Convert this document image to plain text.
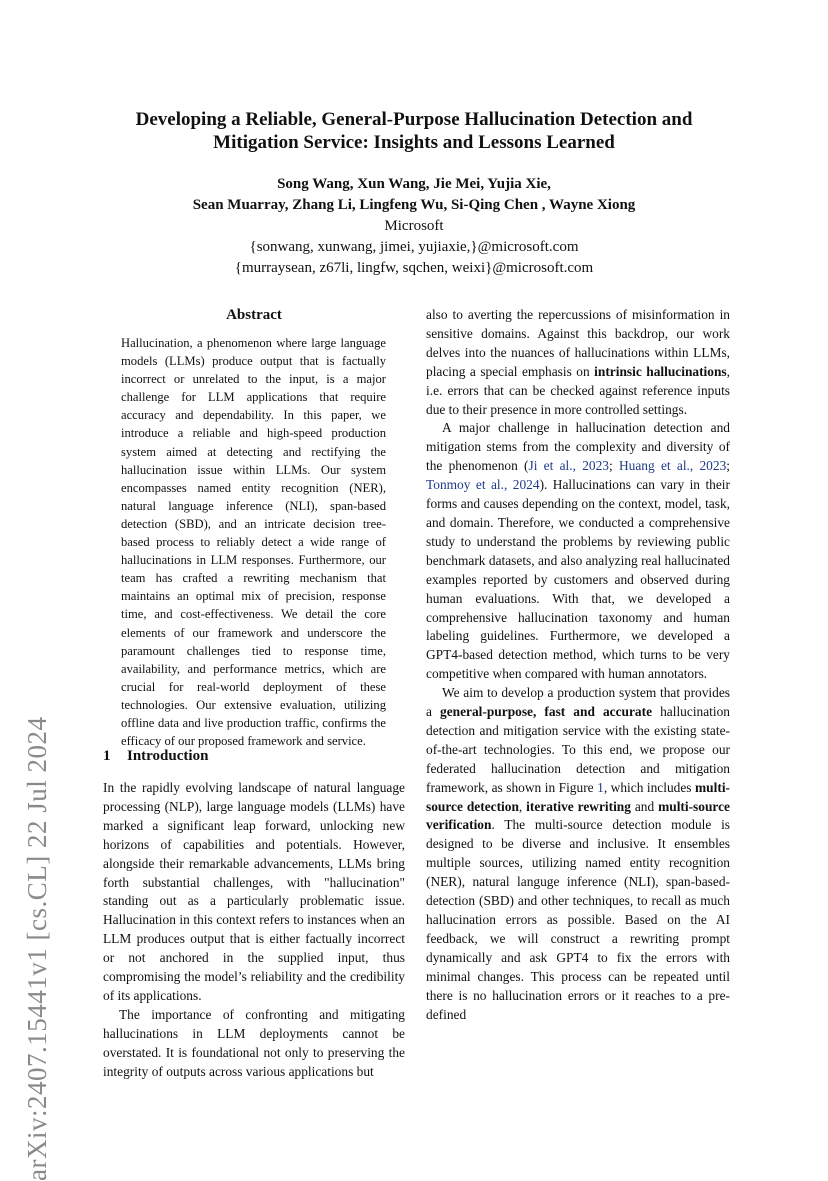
arXiv:2407.15441v1 [cs.CL] 22 Jul 2024
Developing a Reliable, General-Purpose Hallucination Detection and
Mitigation Service: Insights and Lessons Learned
Song Wang, Xun Wang, Jie Mei, Yujia Xie,
Sean Muarray, Zhang Li, Lingfeng Wu, Si-Qing Chen , Wayne Xiong
Microsoft
{sonwang, xunwang, jimei, yujiaxie,}@microsoft.com
{murraysean, z67li, lingfw, sqchen, weixi}@microsoft.com
Abstract
Hallucination, a phenomenon where large language models (LLMs) produce output that is factually incorrect or unrelated to the input, is a major challenge for LLM applications that require accuracy and dependability. In this paper, we introduce a reliable and high-speed production system aimed at detecting and rectifying the hallucination issue within LLMs. Our system encompasses named entity recognition (NER), natural language inference (NLI), span-based detection (SBD), and an intricate decision tree-based process to reliably detect a wide range of hallucinations in LLM responses. Furthermore, our team has crafted a rewriting mechanism that maintains an optimal mix of precision, response time, and cost-effectiveness. We detail the core elements of our framework and underscore the paramount challenges tied to response time, availability, and performance metrics, which are crucial for real-world deployment of these technologies. Our extensive evaluation, utilizing offline data and live production traffic, confirms the efficacy of our proposed framework and service.
1 Introduction

In the rapidly evolving landscape of natural language processing (NLP), large language models (LLMs) have marked a significant leap forward, unlocking new horizons of capabilities and potentials. However, alongside their remarkable advancements, LLMs bring forth substantial challenges, with "hallucination" standing out as a particularly problematic issue. Hallucination in this context refers to instances when an LLM produces output that is either factually incorrect or not anchored in the supplied input, thus compromising the model’s reliability and the credibility of its applications.

The importance of confronting and mitigating hallucinations in LLM deployments cannot be overstated. It is foundational not only to preserving the integrity of outputs across various applications but

also to averting the repercussions of misinformation in sensitive domains. Against this backdrop, our work delves into the nuances of hallucinations within LLMs, placing a special emphasis on intrinsic hallucinations, i.e. errors that can be checked against reference inputs due to their presence in more controlled settings.

A major challenge in hallucination detection and mitigation stems from the complexity and diversity of the phenomenon (Ji et al., 2023; Huang et al., 2023; Tonmoy et al., 2024). Hallucinations can vary in their forms and causes depending on the context, model, task, and domain. Therefore, we conducted a comprehensive study to understand the problems by reviewing public benchmark datasets, and also analyzing real hallucinated examples reported by customers and observed during human evaluations. With that, we developed a comprehensive hallucination taxonomy and human labeling guidelines. Furthermore, we developed a GPT4-based detection method, which turns to be very competitive when compared with human annotators.

We aim to develop a production system that provides a general-purpose, fast and accurate hallucination detection and mitigation service with the existing state-of-the-art technologies. To this end, we propose our federated hallucination detection and mitigation framework, as shown in Figure 1, which includes multi-source detection, iterative rewriting and multi-source verification. The multi-source detection module is designed to be diverse and inclusive. It ensembles multiple sources, utilizing named entity recognition (NER), natural languge inference (NLI), span-based-detection (SBD) and other techniques, to recall as much hallucination errors as possible. Based on the AI feedback, we will construct a rewriting prompt dynamically and ask GPT4 to fix the errors with minimal changes. This process can be repeated until there is no hallucination errors or it reaches to a pre-defined
